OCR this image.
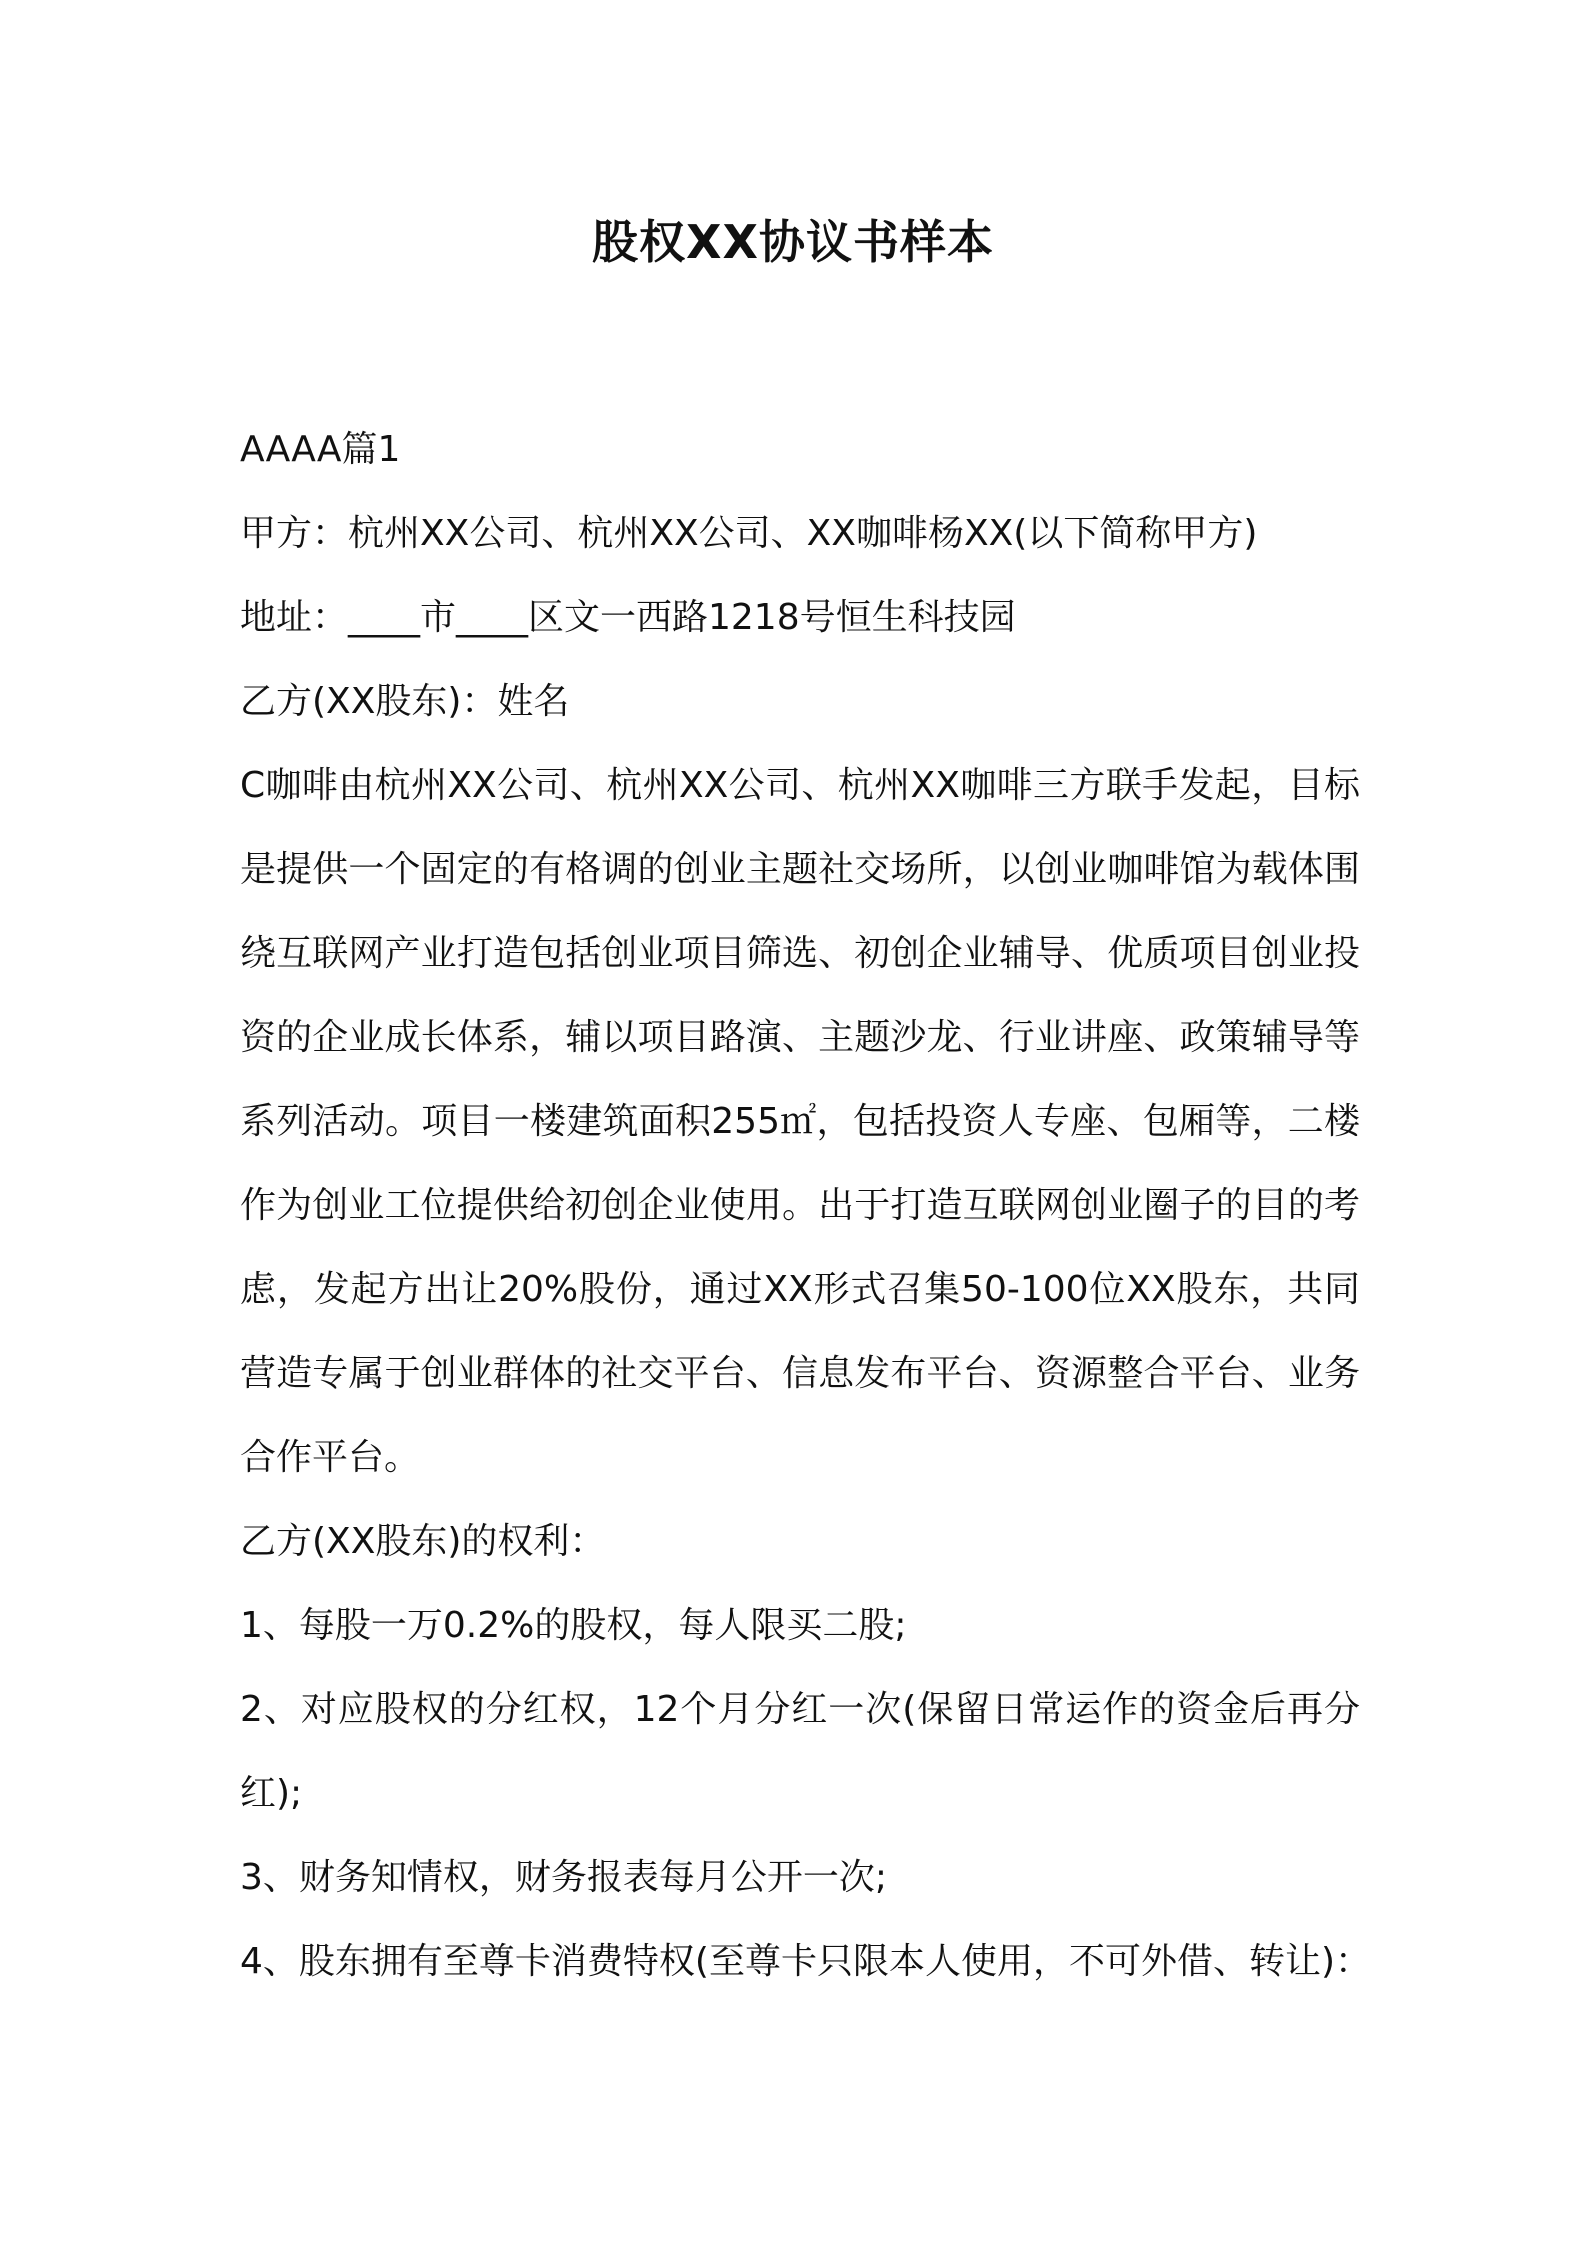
股权XX协议书样本
AAAA篇1
甲方：杭州XX公司、杭州XX公司、XX咖啡杨XX(以下简称甲方)
地址：____市____区文一西路1218号恒生科技园
乙方(XX股东)：姓名
C咖啡由杭州XX公司、杭州XX公司、杭州XX咖啡三方联手发起，目标是提供一个固定的有格调的创业主题社交场所，以创业咖啡馆为载体围绕互联网产业打造包括创业项目筛选、初创企业辅导、优质项目创业投资的企业成长体系，辅以项目路演、主题沙龙、行业讲座、政策辅导等系列活动。项目一楼建筑面积255㎡，包括投资人专座、包厢等，二楼作为创业工位提供给初创企业使用。出于打造互联网创业圈子的目的考虑，发起方出让20%股份，通过XX形式召集50-100位XX股东，共同营造专属于创业群体的社交平台、信息发布平台、资源整合平台、业务合作平台。
乙方(XX股东)的权利：
1、每股一万0.2%的股权，每人限买二股;
2、对应股权的分红权，12个月分红一次(保留日常运作的资金后再分红);
3、财务知情权，财务报表每月公开一次;
4、股东拥有至尊卡消费特权(至尊卡只限本人使用，不可外借、转让)：
